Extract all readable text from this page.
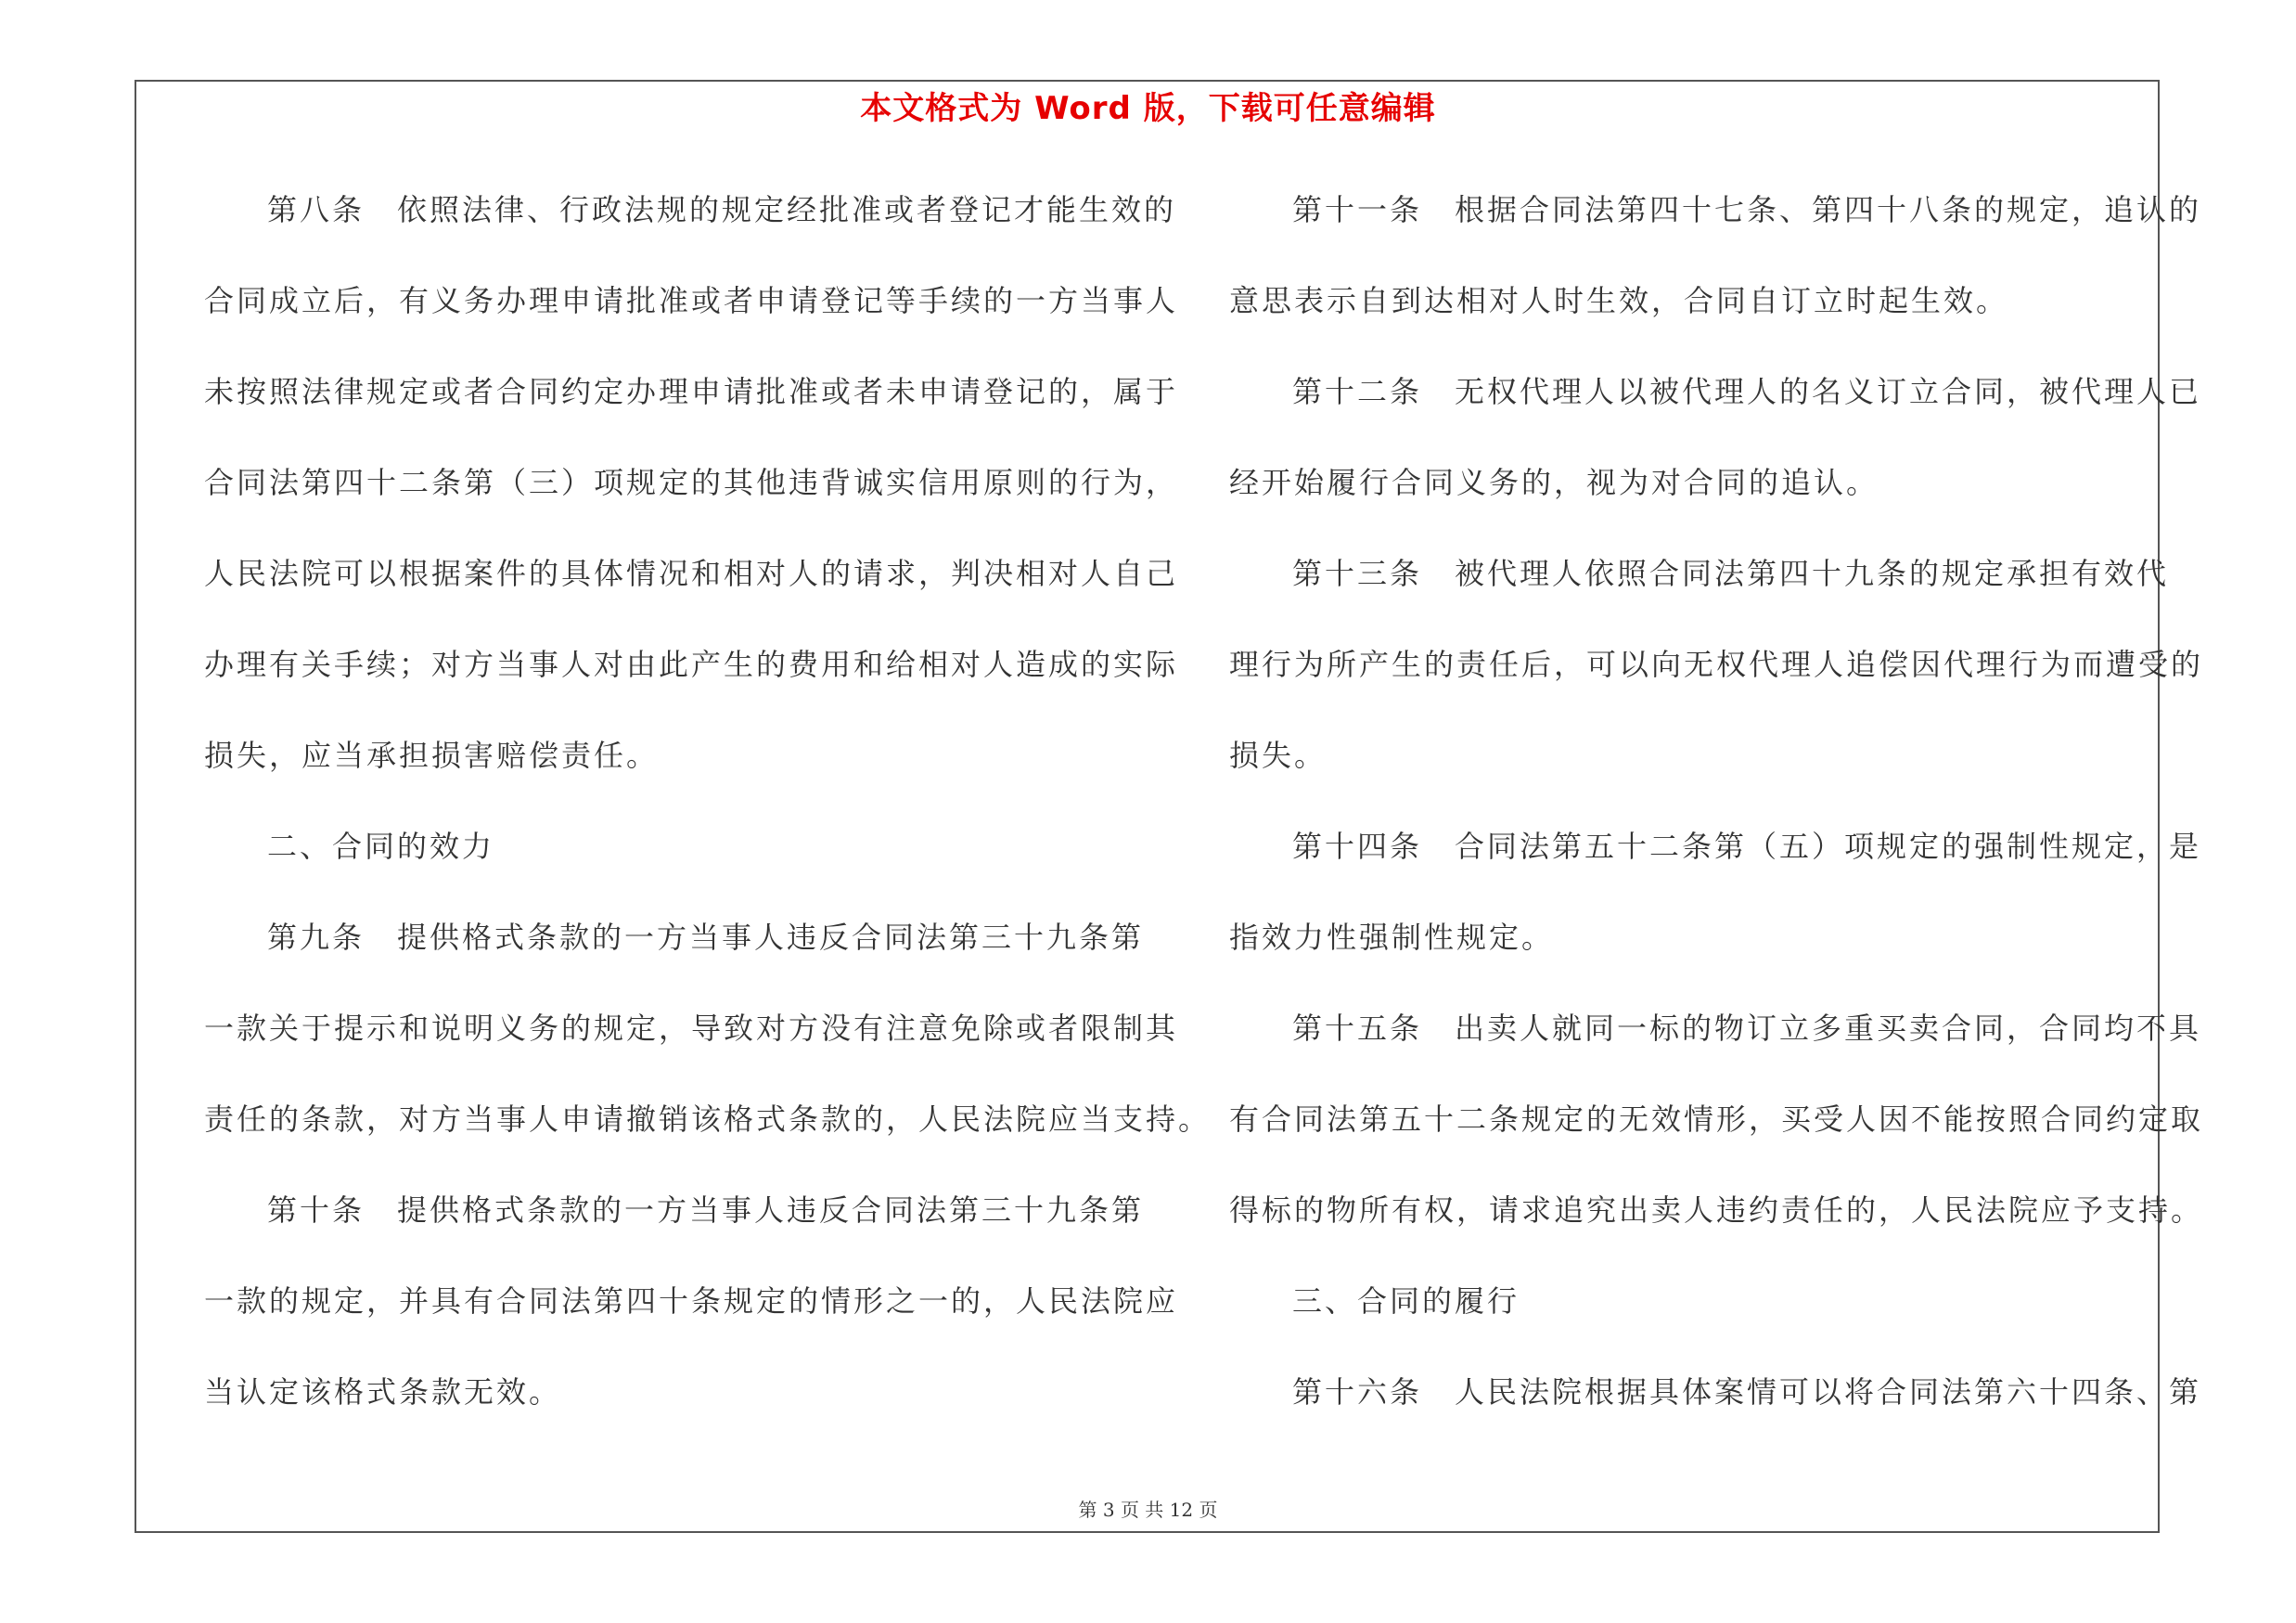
本文格式为 Word 版，下载可任意编辑
第八条　依照法律、行政法规的规定经批准或者登记才能生效的
合同成立后，有义务办理申请批准或者申请登记等手续的一方当事人
未按照法律规定或者合同约定办理申请批准或者未申请登记的，属于
合同法第四十二条第（三）项规定的其他违背诚实信用原则的行为，
人民法院可以根据案件的具体情况和相对人的请求，判决相对人自己
办理有关手续；对方当事人对由此产生的费用和给相对人造成的实际
损失，应当承担损害赔偿责任。
二、合同的效力
第九条　提供格式条款的一方当事人违反合同法第三十九条第
一款关于提示和说明义务的规定，导致对方没有注意免除或者限制其
责任的条款，对方当事人申请撤销该格式条款的，人民法院应当支持。
第十条　提供格式条款的一方当事人违反合同法第三十九条第
一款的规定，并具有合同法第四十条规定的情形之一的，人民法院应
当认定该格式条款无效。
第十一条　根据合同法第四十七条、第四十八条的规定，追认的
意思表示自到达相对人时生效，合同自订立时起生效。
第十二条　无权代理人以被代理人的名义订立合同，被代理人已
经开始履行合同义务的，视为对合同的追认。
第十三条　被代理人依照合同法第四十九条的规定承担有效代
理行为所产生的责任后，可以向无权代理人追偿因代理行为而遭受的
损失。
第十四条　合同法第五十二条第（五）项规定的强制性规定，是
指效力性强制性规定。
第十五条　出卖人就同一标的物订立多重买卖合同，合同均不具
有合同法第五十二条规定的无效情形，买受人因不能按照合同约定取
得标的物所有权，请求追究出卖人违约责任的，人民法院应予支持。
三、合同的履行
第十六条　人民法院根据具体案情可以将合同法第六十四条、第
第 3 页 共 12 页
